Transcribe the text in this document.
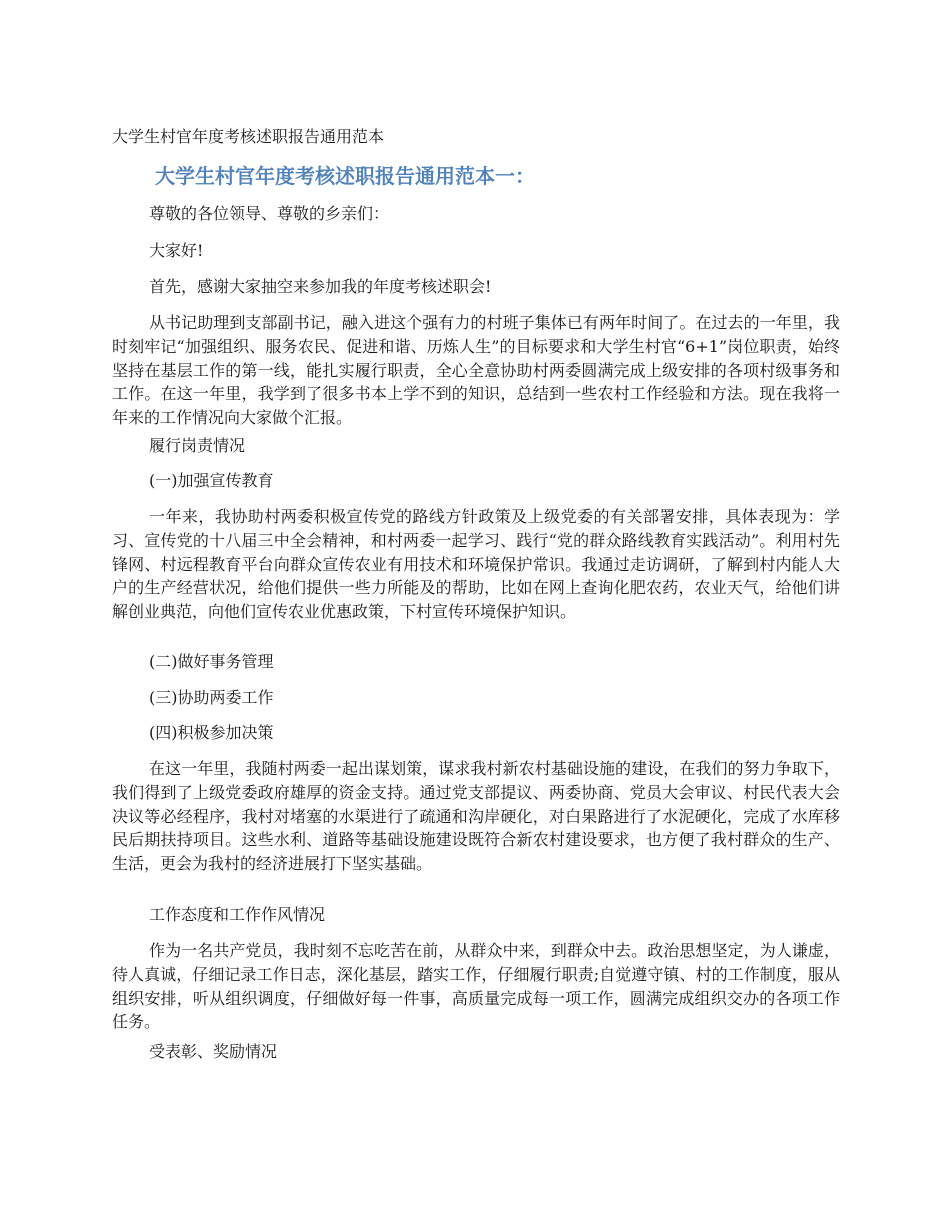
大学生村官年度考核述职报告通用范本
大学生村官年度考核述职报告通用范本一：

尊敬的各位领导、尊敬的乡亲们：

大家好!

首先，感谢大家抽空来参加我的年度考核述职会!

从书记助理到支部副书记，融入进这个强有力的村班子集体已有两年时间了。在过去的一年里，我时刻牢记“加强组织、服务农民、促进和谐、历炼人生”的目标要求和大学生村官“6+1”岗位职责，始终坚持在基层工作的第一线，能扎实履行职责，全心全意协助村两委圆满完成上级安排的各项村级事务和工作。在这一年里，我学到了很多书本上学不到的知识，总结到一些农村工作经验和方法。现在我将一年来的工作情况向大家做个汇报。

履行岗责情况

(一)加强宣传教育

一年来，我协助村两委积极宣传党的路线方针政策及上级党委的有关部署安排，具体表现为：学习、宣传党的十八届三中全会精神，和村两委一起学习、践行“党的群众路线教育实践活动”。利用村先锋网、村远程教育平台向群众宣传农业有用技术和环境保护常识。我通过走访调研，了解到村内能人大户的生产经营状况，给他们提供一些力所能及的帮助，比如在网上查询化肥农药，农业天气，给他们讲解创业典范，向他们宣传农业优惠政策，下村宣传环境保护知识。

(二)做好事务管理

(三)协助两委工作

(四)积极参加决策

在这一年里，我随村两委一起出谋划策，谋求我村新农村基础设施的建设，在我们的努力争取下，我们得到了上级党委政府雄厚的资金支持。通过党支部提议、两委协商、党员大会审议、村民代表大会决议等必经程序，我村对堵塞的水渠进行了疏通和沟岸硬化，对白果路进行了水泥硬化，完成了水库移民后期扶持项目。这些水利、道路等基础设施建设既符合新农村建设要求，也方便了我村群众的生产、生活，更会为我村的经济进展打下坚实基础。

工作态度和工作作风情况

作为一名共产党员，我时刻不忘吃苦在前，从群众中来，到群众中去。政治思想坚定，为人谦虚，待人真诚，仔细记录工作日志，深化基层，踏实工作，仔细履行职责;自觉遵守镇、村的工作制度，服从组织安排，听从组织调度，仔细做好每一件事，高质量完成每一项工作，圆满完成组织交办的各项工作任务。

受表彰、奖励情况
